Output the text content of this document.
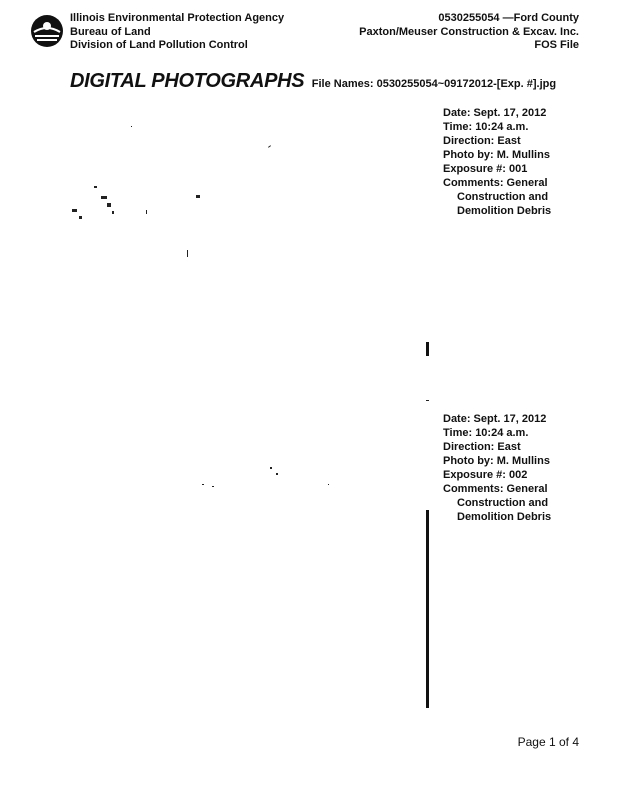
Illinois Environmental Protection Agency
Bureau of Land
Division of Land Pollution Control
0530255054 —Ford County
Paxton/Meuser Construction & Excav. Inc.
FOS File
DIGITAL PHOTOGRAPHS File Names: 0530255054~09172012-[Exp. #].jpg
Date: Sept. 17, 2012
Time: 10:24 a.m.
Direction: East
Photo by: M. Mullins
Exposure #: 001
Comments: General
Construction and
Demolition Debris
Date: Sept. 17, 2012
Time: 10:24 a.m.
Direction: East
Photo by: M. Mullins
Exposure #: 002
Comments: General
Construction and
Demolition Debris
Page 1 of 4
